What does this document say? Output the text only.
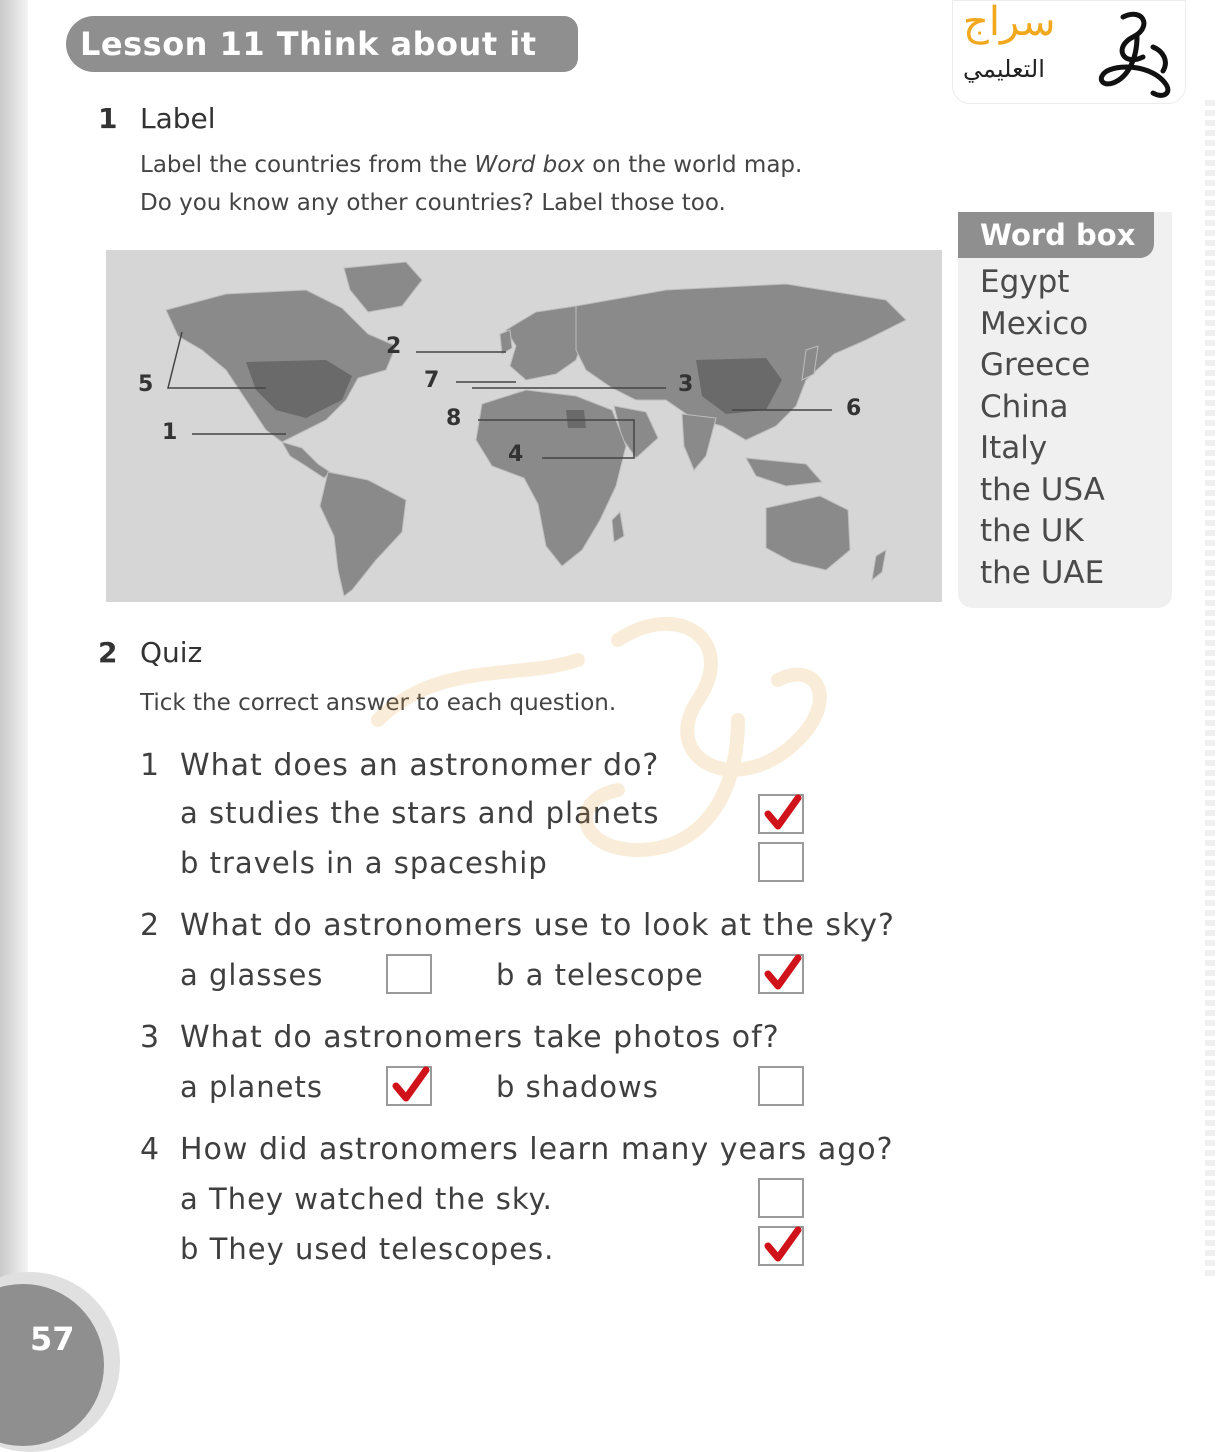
Lesson 11 Think about it	سراج
التعليمي
1 Label
Label the countries from the Word box on the world map.
Do you know any other countries? Label those too.
5
1
2
7
8
3
4
6
Word box
Egypt
Mexico
Greece
China
Italy
the USA
the UK
the UAE
2 Quiz
Tick the correct answer to each question.
1 What does an astronomer do?
a studies the stars and planets
b travels in a spaceship
2 What do astronomers use to look at the sky?
a glasses	b a telescope
3 What do astronomers take photos of?
a planets	b shadows
4 How did astronomers learn many years ago?
a They watched the sky.
b They used telescopes.
57
